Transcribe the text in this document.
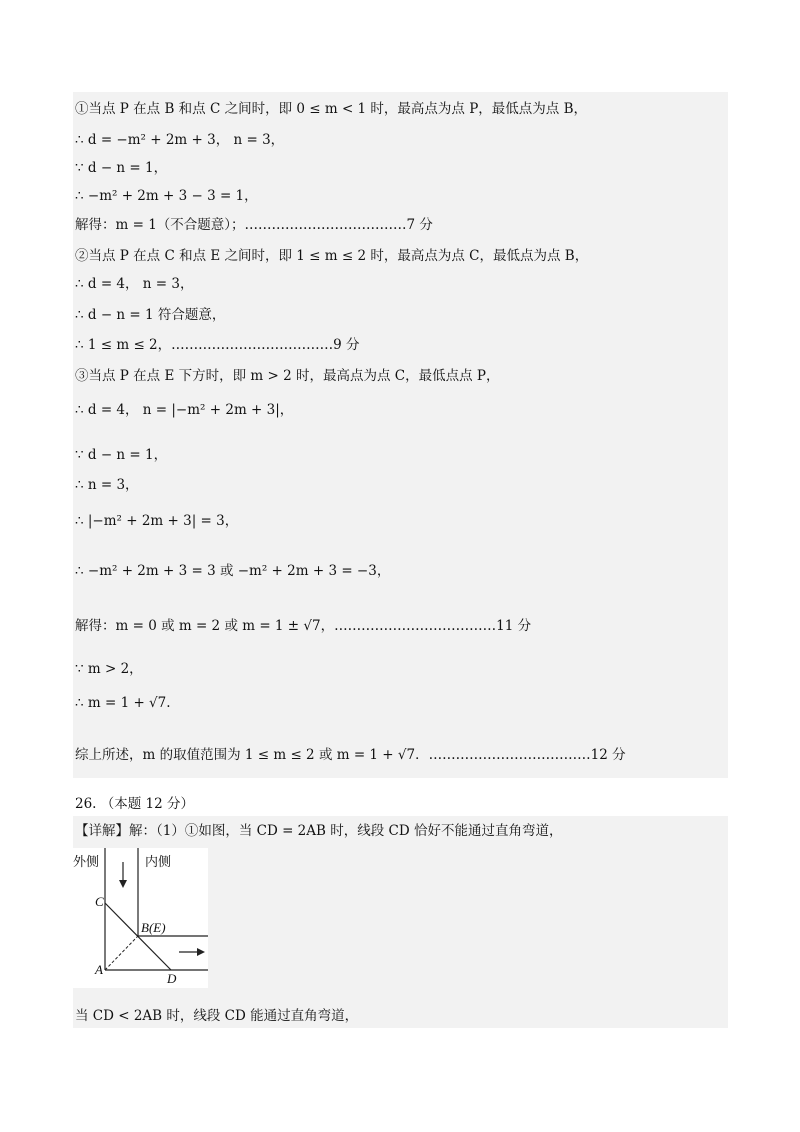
①当点 P 在点 B 和点 C 之间时，即 0 ≤ m < 1 时，最高点为点 P，最低点为点 B，
∴ d = −m² + 2m + 3， n = 3，
∵ d − n = 1，
∴ −m² + 2m + 3 − 3 = 1，
解得：m = 1（不合题意）；………………………………7 分
②当点 P 在点 C 和点 E 之间时，即 1 ≤ m ≤ 2 时，最高点为点 C，最低点为点 B，
∴ d = 4， n = 3，
∴ d − n = 1 符合题意，
∴ 1 ≤ m ≤ 2，………………………………9 分
③当点 P 在点 E 下方时，即 m > 2 时，最高点为点 C，最低点点 P，
∴ d = 4， n = |−m² + 2m + 3|，
∵ d − n = 1，
∴ n = 3，
∴ |−m² + 2m + 3| = 3，
∴ −m² + 2m + 3 = 3 或 −m² + 2m + 3 = −3，
解得：m = 0 或 m = 2 或 m = 1 ± √7，………………………………11 分
∵ m > 2，
∴ m = 1 + √7.
综上所述，m 的取值范围为 1 ≤ m ≤ 2 或 m = 1 + √7．………………………………12 分
26. （本题 12 分）
【详解】解：（1）①如图，当 CD = 2AB 时，线段 CD 恰好不能通过直角弯道，
外侧	内侧
C
B(E)
A
D
当 CD < 2AB 时，线段 CD 能通过直角弯道，
